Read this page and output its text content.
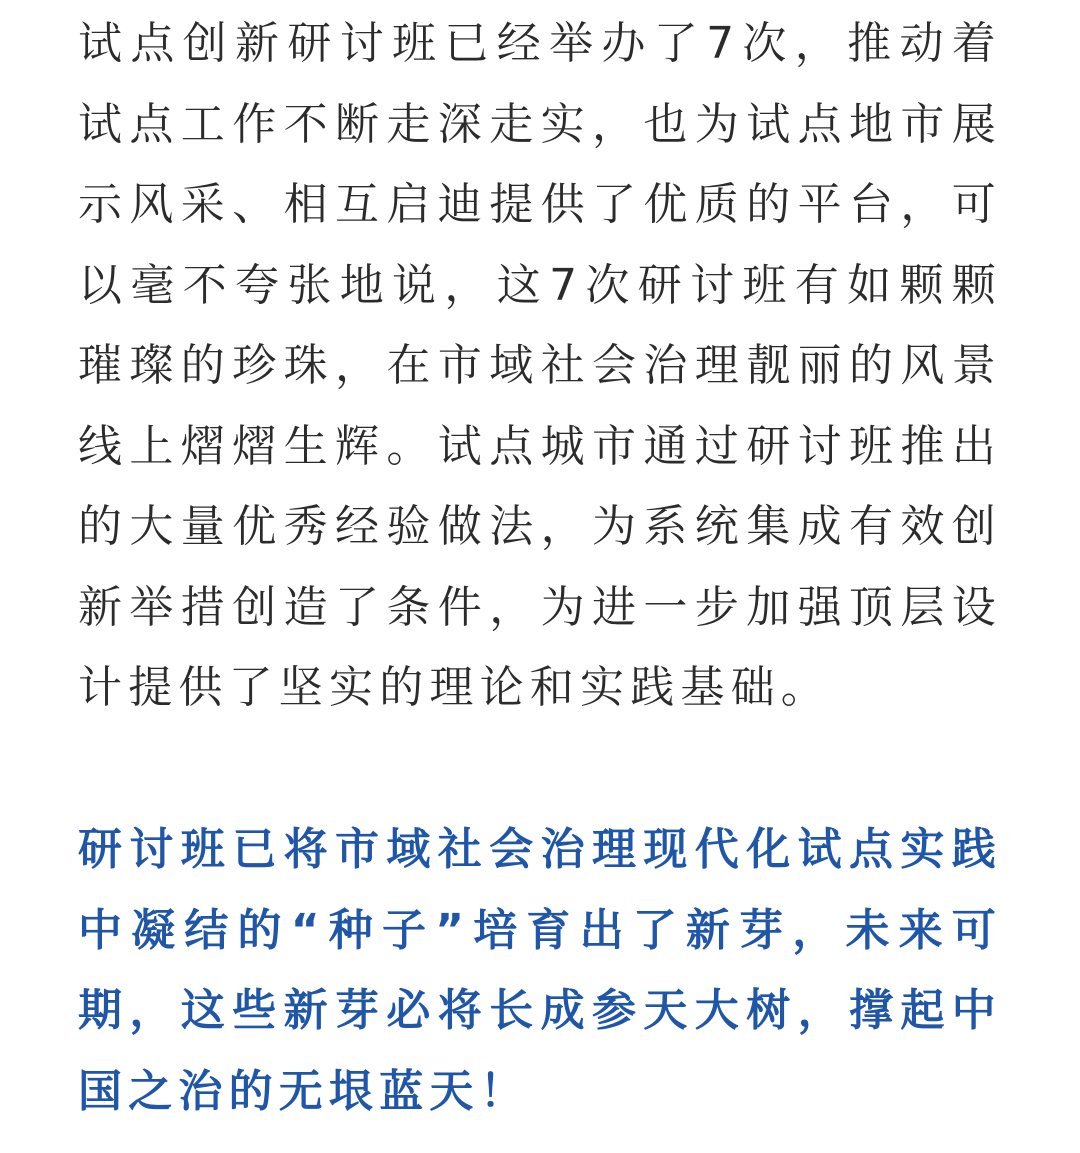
试点创新研讨班已经举办了7次，推动着试点工作不断走深走实，也为试点地市展示风采、相互启迪提供了优质的平台，可以毫不夸张地说，这7次研讨班有如颗颗璀璨的珍珠，在市域社会治理靓丽的风景线上熠熠生辉。试点城市通过研讨班推出的大量优秀经验做法，为系统集成有效创新举措创造了条件，为进一步加强顶层设计提供了坚实的理论和实践基础。

研讨班已将市域社会治理现代化试点实践中凝结的“种子”培育出了新芽，未来可期，这些新芽必将长成参天大树，撑起中国之治的无垠蓝天！
